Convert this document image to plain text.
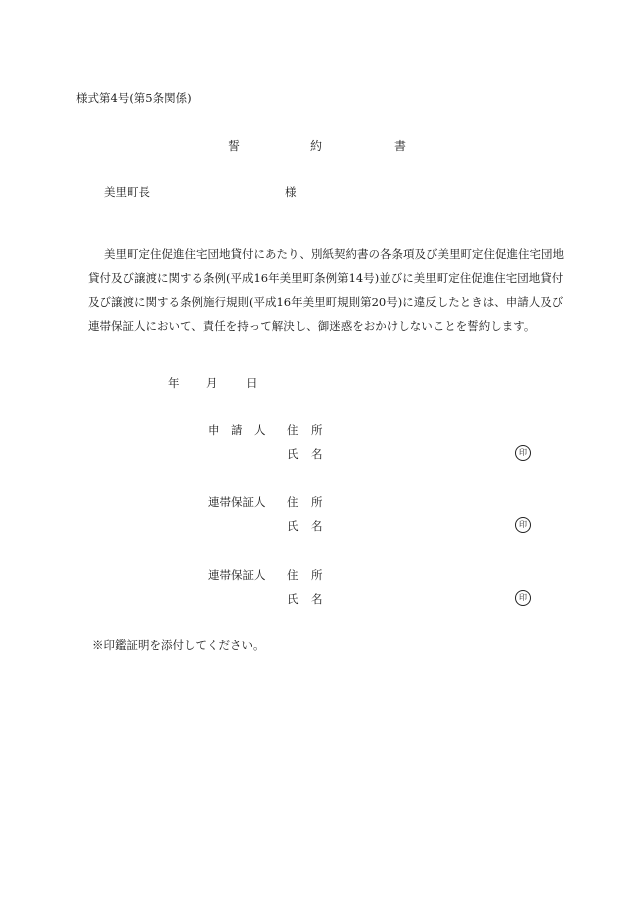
様式第4号(第5条関係)
誓	約	書
美里町長	様

美里町定住促進住宅団地貸付にあたり、別紙契約書の各条項及び美里町定住促進住宅団地貸付及び譲渡に関する条例(平成16年美里町条例第14号)並びに美里町定住促進住宅団地貸付及び譲渡に関する条例施行規則(平成16年美里町規則第20号)に違反したときは、申請人及び連帯保証人において、責任を持って解決し、御迷惑をおかけしないことを誓約します。

年 月 日
申　請　人 住 所
氏 名	印
連帯保証人 住 所
氏 名	印
連帯保証人 住 所
氏 名	印
※印鑑証明を添付してください。
